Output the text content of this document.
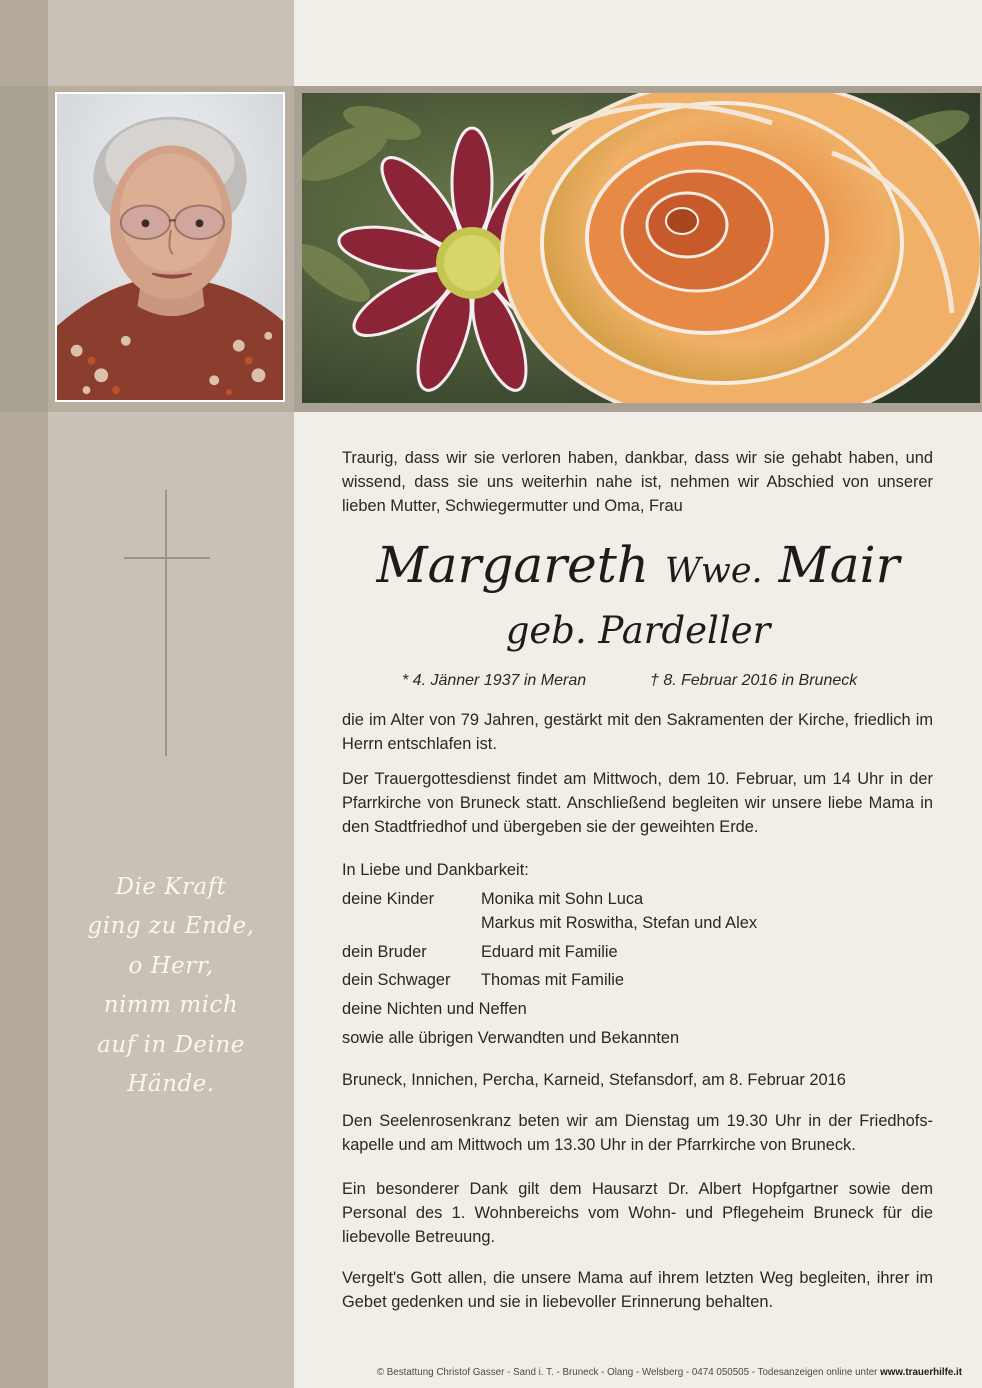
Die Kraft
ging zu Ende,
o Herr,
nimm mich
auf in Deine
Hände.
Traurig, dass wir sie verloren haben, dankbar, dass wir sie gehabt haben, und wissend, dass sie uns weiterhin nahe ist, nehmen wir Abschied von unserer lieben Mutter, Schwiegermutter und Oma, Frau
Margareth Wwe. Mair
geb. Pardeller
* 4. Jänner 1937 in Meran	† 8. Februar 2016 in Bruneck
die im Alter von 79 Jahren, gestärkt mit den Sakramenten der Kirche, friedlich im Herrn entschlafen ist.
Der Trauergottesdienst findet am Mittwoch, dem 10. Februar, um 14 Uhr in der Pfarrkirche von Bruneck statt. Anschließend begleiten wir unsere liebe Mama in den Stadtfriedhof und übergeben sie der geweihten Erde.
In Liebe und Dankbarkeit:
deine Kinder	Monika mit Sohn Luca
Markus mit Roswitha, Stefan und Alex
dein Bruder	Eduard mit Familie
dein Schwager Thomas mit Familie
deine Nichten und Neffen
sowie alle übrigen Verwandten und Bekannten
Bruneck, Innichen, Percha, Karneid, Stefansdorf, am 8. Februar 2016
Den Seelenrosenkranz beten wir am Dienstag um 19.30 Uhr in der Friedhofs-kapelle und am Mittwoch um 13.30 Uhr in der Pfarrkirche von Bruneck.
Ein besonderer Dank gilt dem Hausarzt Dr. Albert Hopfgartner sowie dem Personal des 1. Wohnbereichs vom Wohn- und Pflegeheim Bruneck für die liebevolle Betreuung.
Vergelt's Gott allen, die unsere Mama auf ihrem letzten Weg begleiten, ihrer im Gebet gedenken und sie in liebevoller Erinnerung behalten.
© Bestattung Christof Gasser - Sand i. T. - Bruneck - Olang - Welsberg - 0474 050505 - Todesanzeigen online unter www.trauerhilfe.it
